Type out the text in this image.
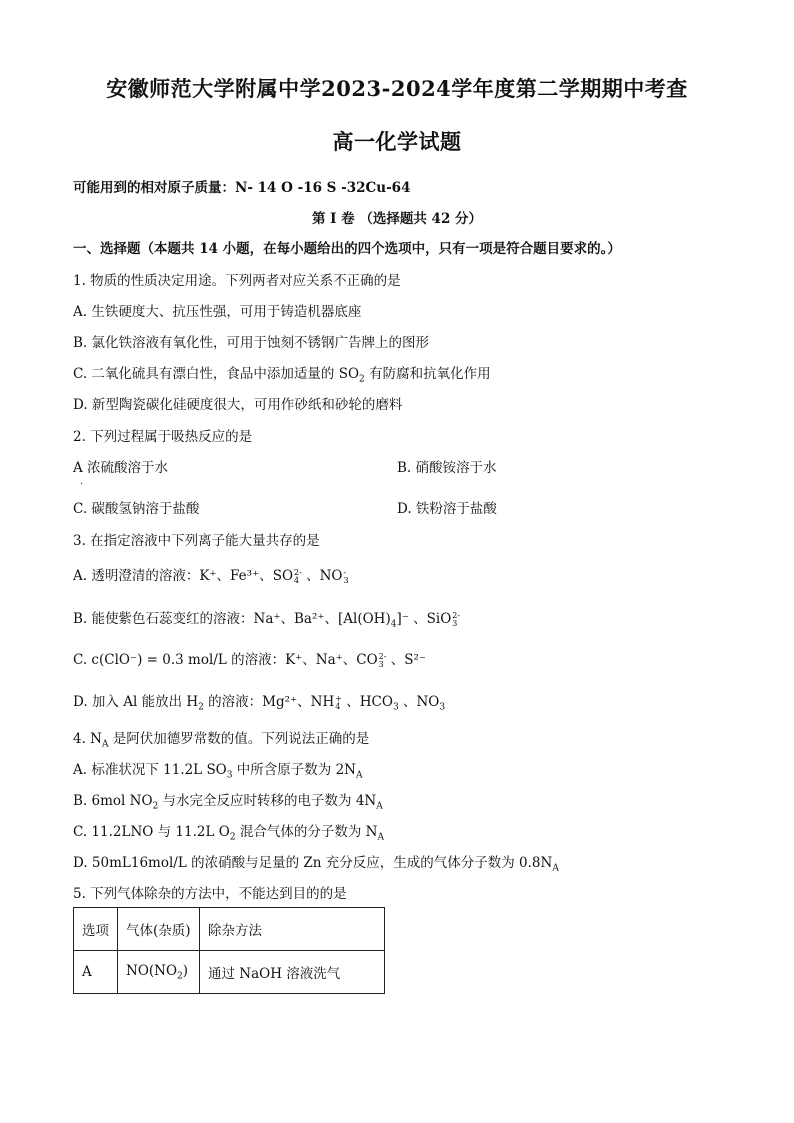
安徽师范大学附属中学2023-2024学年度第二学期期中考查
高一化学试题
可能用到的相对原子质量：N- 14 O -16 S -32Cu-64
第 I 卷 （选择题共 42 分）
一、选择题（本题共 14 小题，在每小题给出的四个选项中，只有一项是符合题目要求的。）
1. 物质的性质决定用途。下列两者对应关系不正确的是
A. 生铁硬度大、抗压性强，可用于铸造机器底座
B. 氯化铁溶液有氧化性，可用于蚀刻不锈钢广告牌上的图形
C. 二氧化硫具有漂白性，食品中添加适量的 $SO_2$ 有防腐和抗氧化作用
D. 新型陶瓷碳化硅硬度很大，可用作砂纸和砂轮的磨料
2. 下列过程属于吸热反应的是
A 浓硫酸溶于水	B. 硝酸铵溶于水
.
C. 碳酸氢钠溶于盐酸	D. 铁粉溶于盐酸
3. 在指定溶液中下列离子能大量共存的是
A. 透明澄清的溶液：K⁺、Fe³⁺、SO 2-
4 、NO -
3
B. 能使紫色石蕊变红的溶液：Na⁺、Ba²⁺、$[Al(OH)_4]^-$ 、SiO 2-
3
C. c(ClO⁻) = 0.3 mol/L 的溶液：K⁺、Na⁺、CO 2-
3 、S²⁻
D. 加入 Al 能放出 $H_2$ 的溶液：Mg²⁺、NH +
4 、$HCO_3$ 、$NO_3$
4. $N_A$ 是阿伏加德罗常数的值。下列说法正确的是
A. 标准状况下 11.2L $SO_3$ 中所含原子数为 $2N_A$
B. 6mol $NO_2$ 与水完全反应时转移的电子数为 $4N_A$
C. 11.2LNO 与 11.2L $O_2$ 混合气体的分子数为 $N_A$
D. 50mL16mol/L 的浓硝酸与足量的 Zn 充分反应，生成的气体分子数为 $0.8N_A$
5. 下列气体除杂的方法中，不能达到目的的是
选项	气体(杂质)	除杂方法
A	$NO(NO_2)$	通过 NaOH 溶液洗气
